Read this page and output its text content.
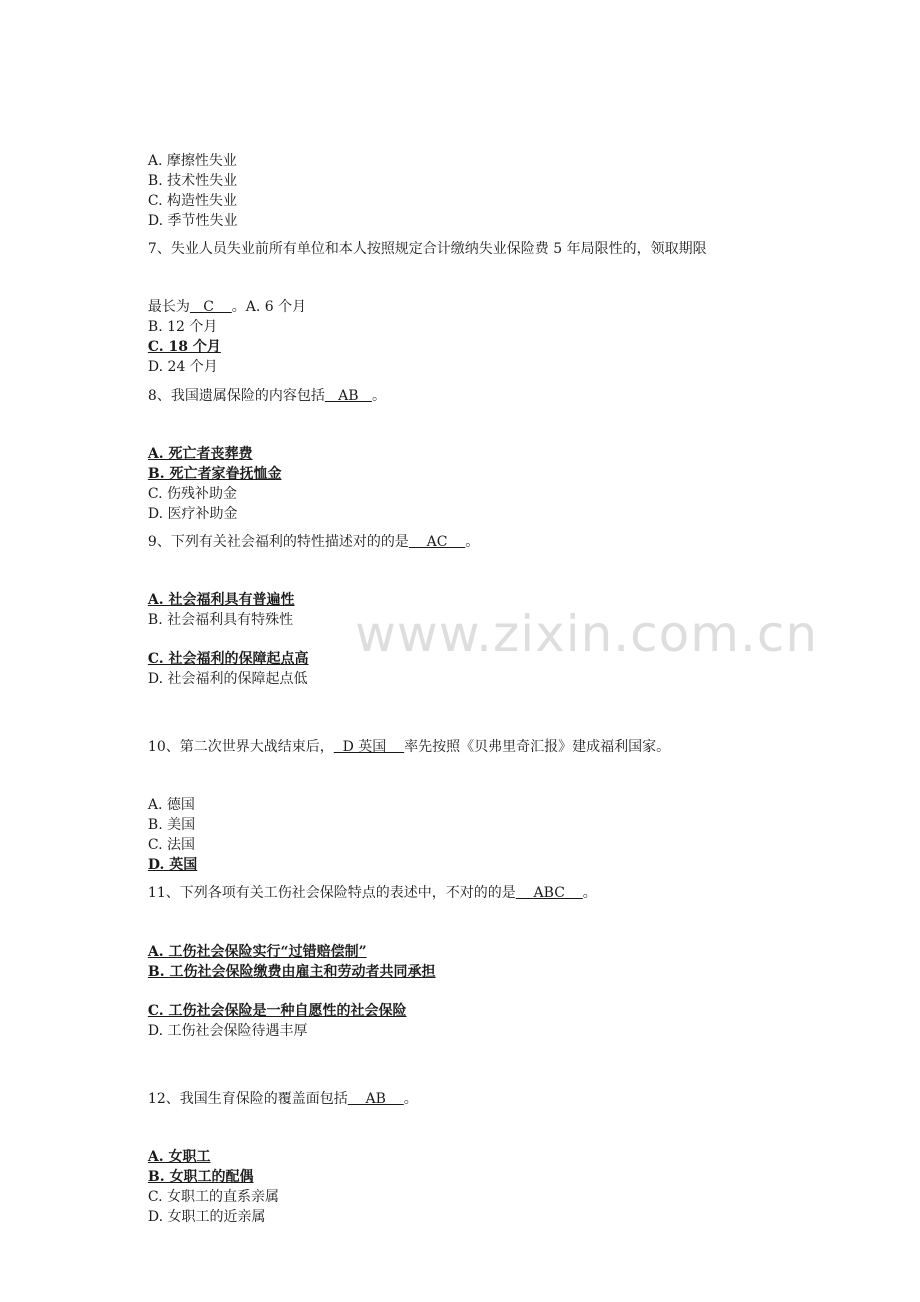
www.zixin.com.cn

A. 摩擦性失业
B. 技术性失业
C. 构造性失业
D. 季节性失业

7、失业人员失业前所有单位和本人按照规定合计缴纳失业保险费 5 年局限性的，领取期限

最长为   C    。A. 6 个月
B. 12 个月
C. 18 个月
D. 24 个月

8、我国遗属保险的内容包括   AB   。

A. 死亡者丧葬费
B. 死亡者家眷抚恤金
C. 伤残补助金
D. 医疗补助金

9、下列有关社会福利的特性描述对的的是    AC    。

A. 社会福利具有普遍性
B. 社会福利具有特殊性

C. 社会福利的保障起点高
D. 社会福利的保障起点低

10、第二次世界大战结束后，  D 英国    率先按照《贝弗里奇汇报》建成福利国家。

A. 德国
B. 美国
C. 法国
D. 英国

11、下列各项有关工伤社会保险特点的表述中，不对的的是    ABC    。

A. 工伤社会保险实行“过错赔偿制”
B. 工伤社会保险缴费由雇主和劳动者共同承担

C. 工伤社会保险是一种自愿性的社会保险
D. 工伤社会保险待遇丰厚

12、我国生育保险的覆盖面包括    AB    。

A. 女职工
B. 女职工的配偶
C. 女职工的直系亲属
D. 女职工的近亲属
